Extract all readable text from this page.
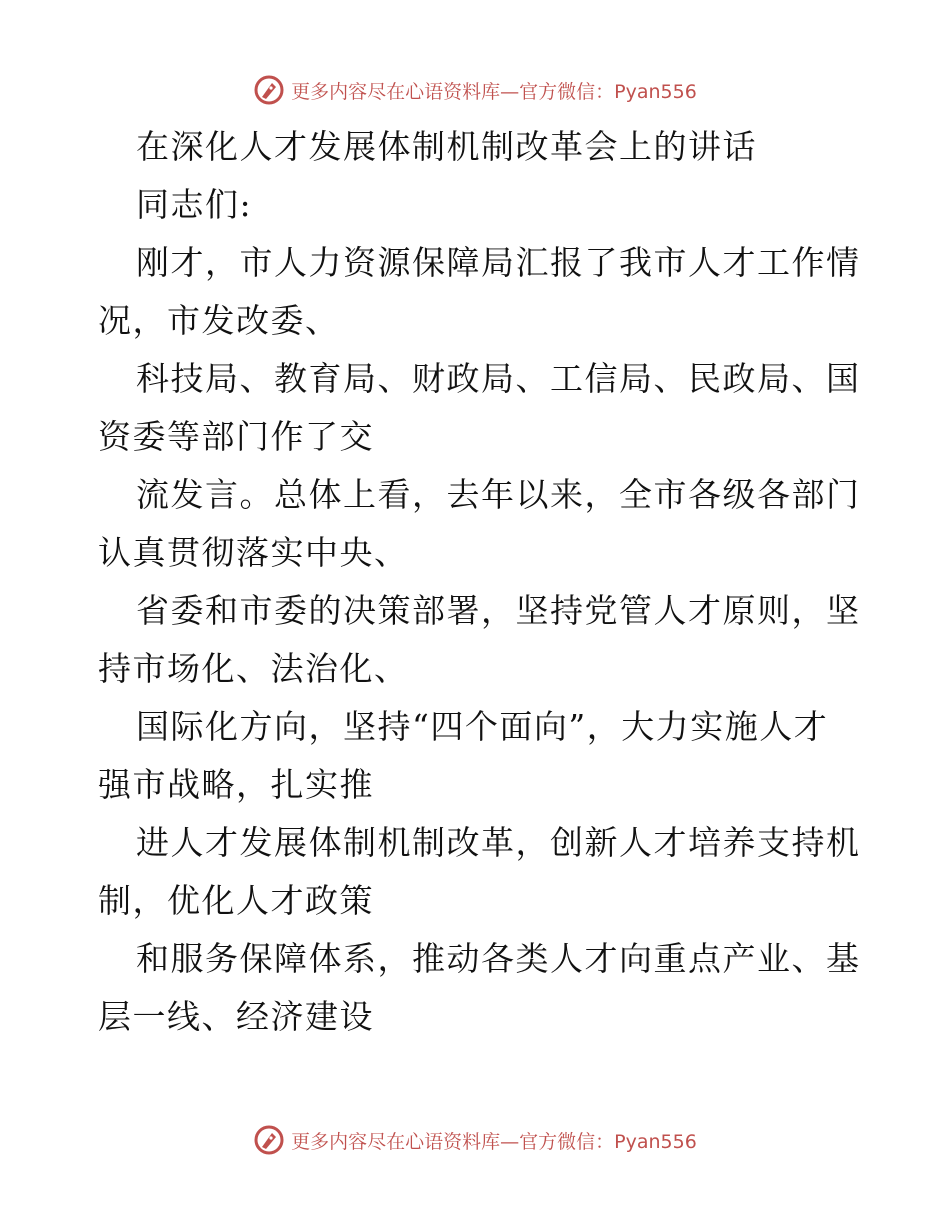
更多内容尽在心语资料库—官方微信：Pyan556
在深化人才发展体制机制改革会上的讲话
同志们:
刚才，市人力资源保障局汇报了我市人才工作情
况，市发改委、
科技局、教育局、财政局、工信局、民政局、国
资委等部门作了交
流发言。总体上看，去年以来，全市各级各部门
认真贯彻落实中央、
省委和市委的决策部署，坚持党管人才原则，坚
持市场化、法治化、
国际化方向，坚持“四个面向”，大力实施人才
强市战略，扎实推
进人才发展体制机制改革，创新人才培养支持机
制，优化人才政策
和服务保障体系，推动各类人才向重点产业、基
层一线、经济建设
更多内容尽在心语资料库—官方微信：Pyan556
